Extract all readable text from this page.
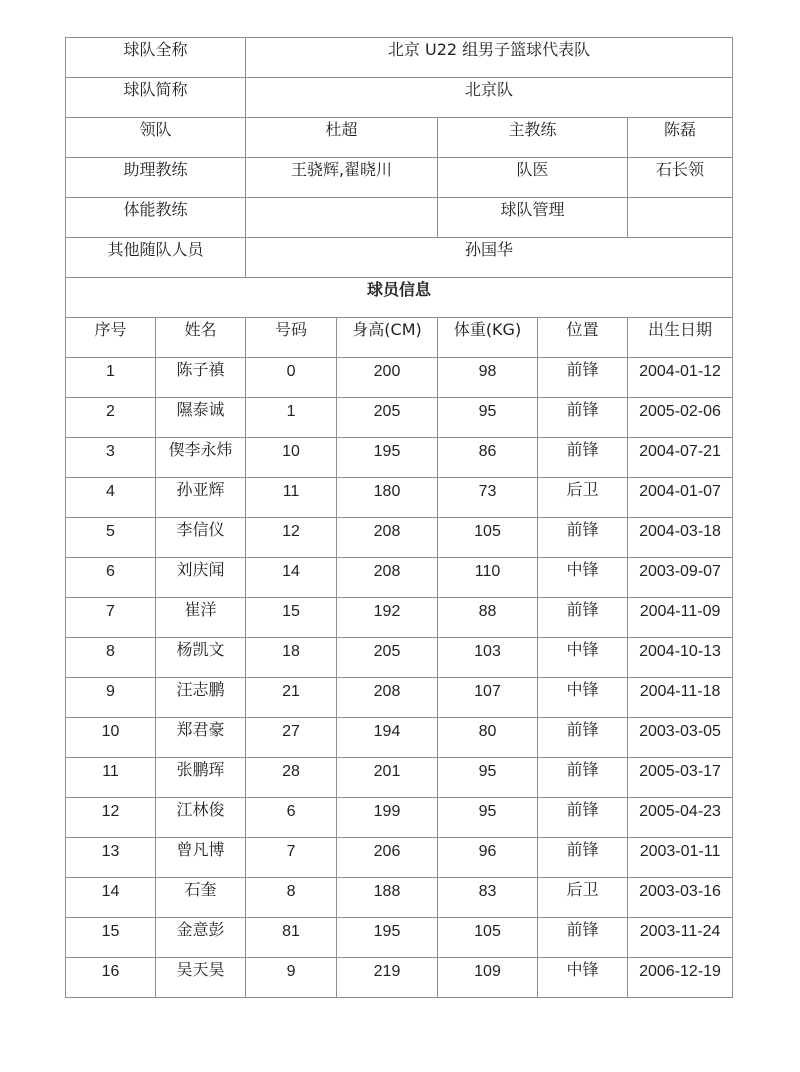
球队全称		北京 U22 组男子篮球代表队				
球队简称		北京队				
领队		杜超		主教练		陈磊
助理教练		王骁辉,翟晓川		队医		石长领
体能教练				球队管理		
其他随队人员		孙国华				
球员信息						
序号	姓名	号码	身高(CM)	体重(KG)	位置	出生日期
1	陈子禛	0	200	98	前锋	2004-01-12
2	隰泰诚	1	205	95	前锋	2005-02-06
3	偰李永炜	10	195	86	前锋	2004-07-21
4	孙亚辉	11	180	73	后卫	2004-01-07
5	李信仪	12	208	105	前锋	2004-03-18
6	刘庆闻	14	208	110	中锋	2003-09-07
7	崔洋	15	192	88	前锋	2004-11-09
8	杨凯文	18	205	103	中锋	2004-10-13
9	汪志鹏	21	208	107	中锋	2004-11-18
10	郑君豪	27	194	80	前锋	2003-03-05
11	张鹏珲	28	201	95	前锋	2005-03-17
12	江林俊	6	199	95	前锋	2005-04-23
13	曾凡博	7	206	96	前锋	2003-01-11
14	石奎	8	188	83	后卫	2003-03-16
15	金意彭	81	195	105	前锋	2003-11-24
16	吴天昊	9	219	109	中锋	2006-12-19
